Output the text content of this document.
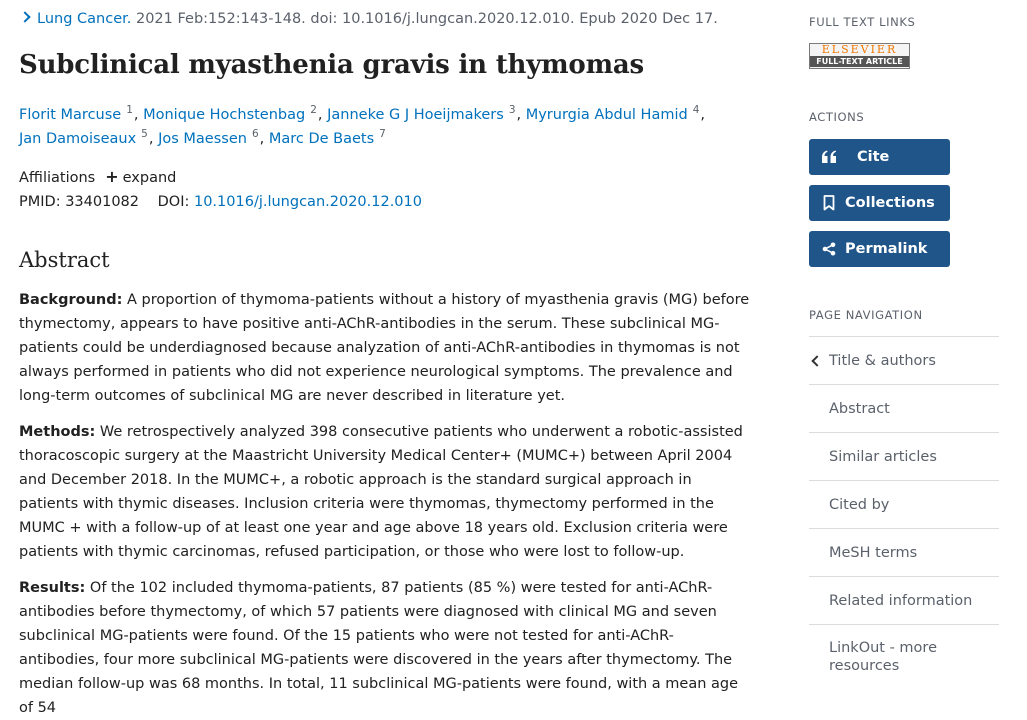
Lung Cancer. 2021 Feb:152:143-148. doi: 10.1016/j.lungcan.2020.12.010. Epub 2020 Dec 17.
Subclinical myasthenia gravis in thymomas
Florit Marcuse $^1$, Monique Hochstenbag $^2$, Janneke G J Hoeijmakers $^3$, Myrurgia Abdul Hamid $^4$,
Jan Damoiseaux $^5$, Jos Maessen $^6$, Marc De Baets $^7$
Affiliations + expand
PMID: 33401082 DOI: 10.1016/j.lungcan.2020.12.010
Abstract

Background: A proportion of thymoma-patients without a history of myasthenia gravis (MG) before thymectomy, appears to have positive anti-AChR-antibodies in the serum. These subclinical MG-patients could be underdiagnosed because analyzation of anti-AChR-antibodies in thymomas is not always performed in patients who did not experience neurological symptoms. The prevalence and long-term outcomes of subclinical MG are never described in literature yet.

Methods: We retrospectively analyzed 398 consecutive patients who underwent a robotic-assisted thoracoscopic surgery at the Maastricht University Medical Center+ (MUMC+) between April 2004 and December 2018. In the MUMC+, a robotic approach is the standard surgical approach in patients with thymic diseases. Inclusion criteria were thymomas, thymectomy performed in the MUMC + with a follow-up of at least one year and age above 18 years old. Exclusion criteria were patients with thymic carcinomas, refused participation, or those who were lost to follow-up.

Results: Of the 102 included thymoma-patients, 87 patients (85 %) were tested for anti-AChR-antibodies before thymectomy, of which 57 patients were diagnosed with clinical MG and seven subclinical MG-patients were found. Of the 15 patients who were not tested for anti-AChR-antibodies, four more subclinical MG-patients were discovered in the years after thymectomy. The median follow-up was 68 months. In total, 11 subclinical MG-patients were found, with a mean age of 54

FULL TEXT LINKS
ELSEVIER
FULL-TEXT ARTICLE
ACTIONS
Cite
Collections
Permalink
PAGE NAVIGATION
Title & authors
Abstract
Similar articles
Cited by
MeSH terms
Related information
LinkOut - more resources
